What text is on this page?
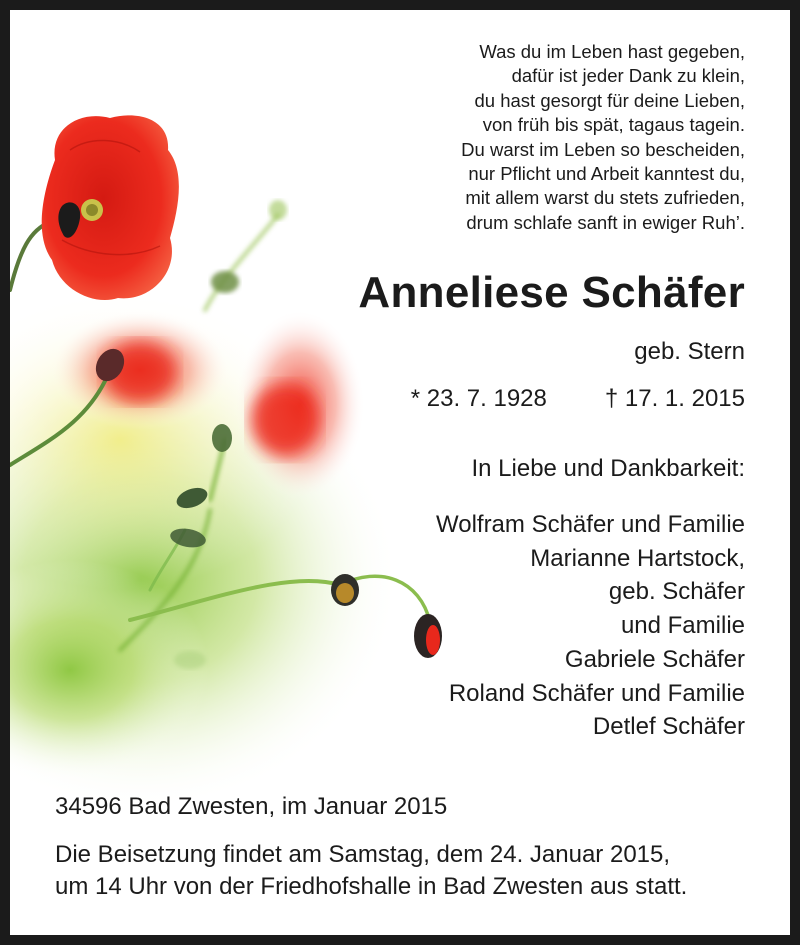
Was du im Leben hast gegeben,
dafür ist jeder Dank zu klein,
du hast gesorgt für deine Lieben,
von früh bis spät, tagaus tagein.
Du warst im Leben so bescheiden,
nur Pflicht und Arbeit kanntest du,
mit allem warst du stets zufrieden,
drum schlafe sanft in ewiger Ruh’.
Anneliese Schäfer
geb. Stern
* 23. 7. 1928 † 17. 1. 2015
In Liebe und Dankbarkeit:
Wolfram Schäfer und Familie
Marianne Hartstock,
geb. Schäfer
und Familie
Gabriele Schäfer
Roland Schäfer und Familie
Detlef Schäfer
34596 Bad Zwesten, im Januar 2015
Die Beisetzung findet am Samstag, dem 24. Januar 2015,
um 14 Uhr von der Friedhofshalle in Bad Zwesten aus statt.
